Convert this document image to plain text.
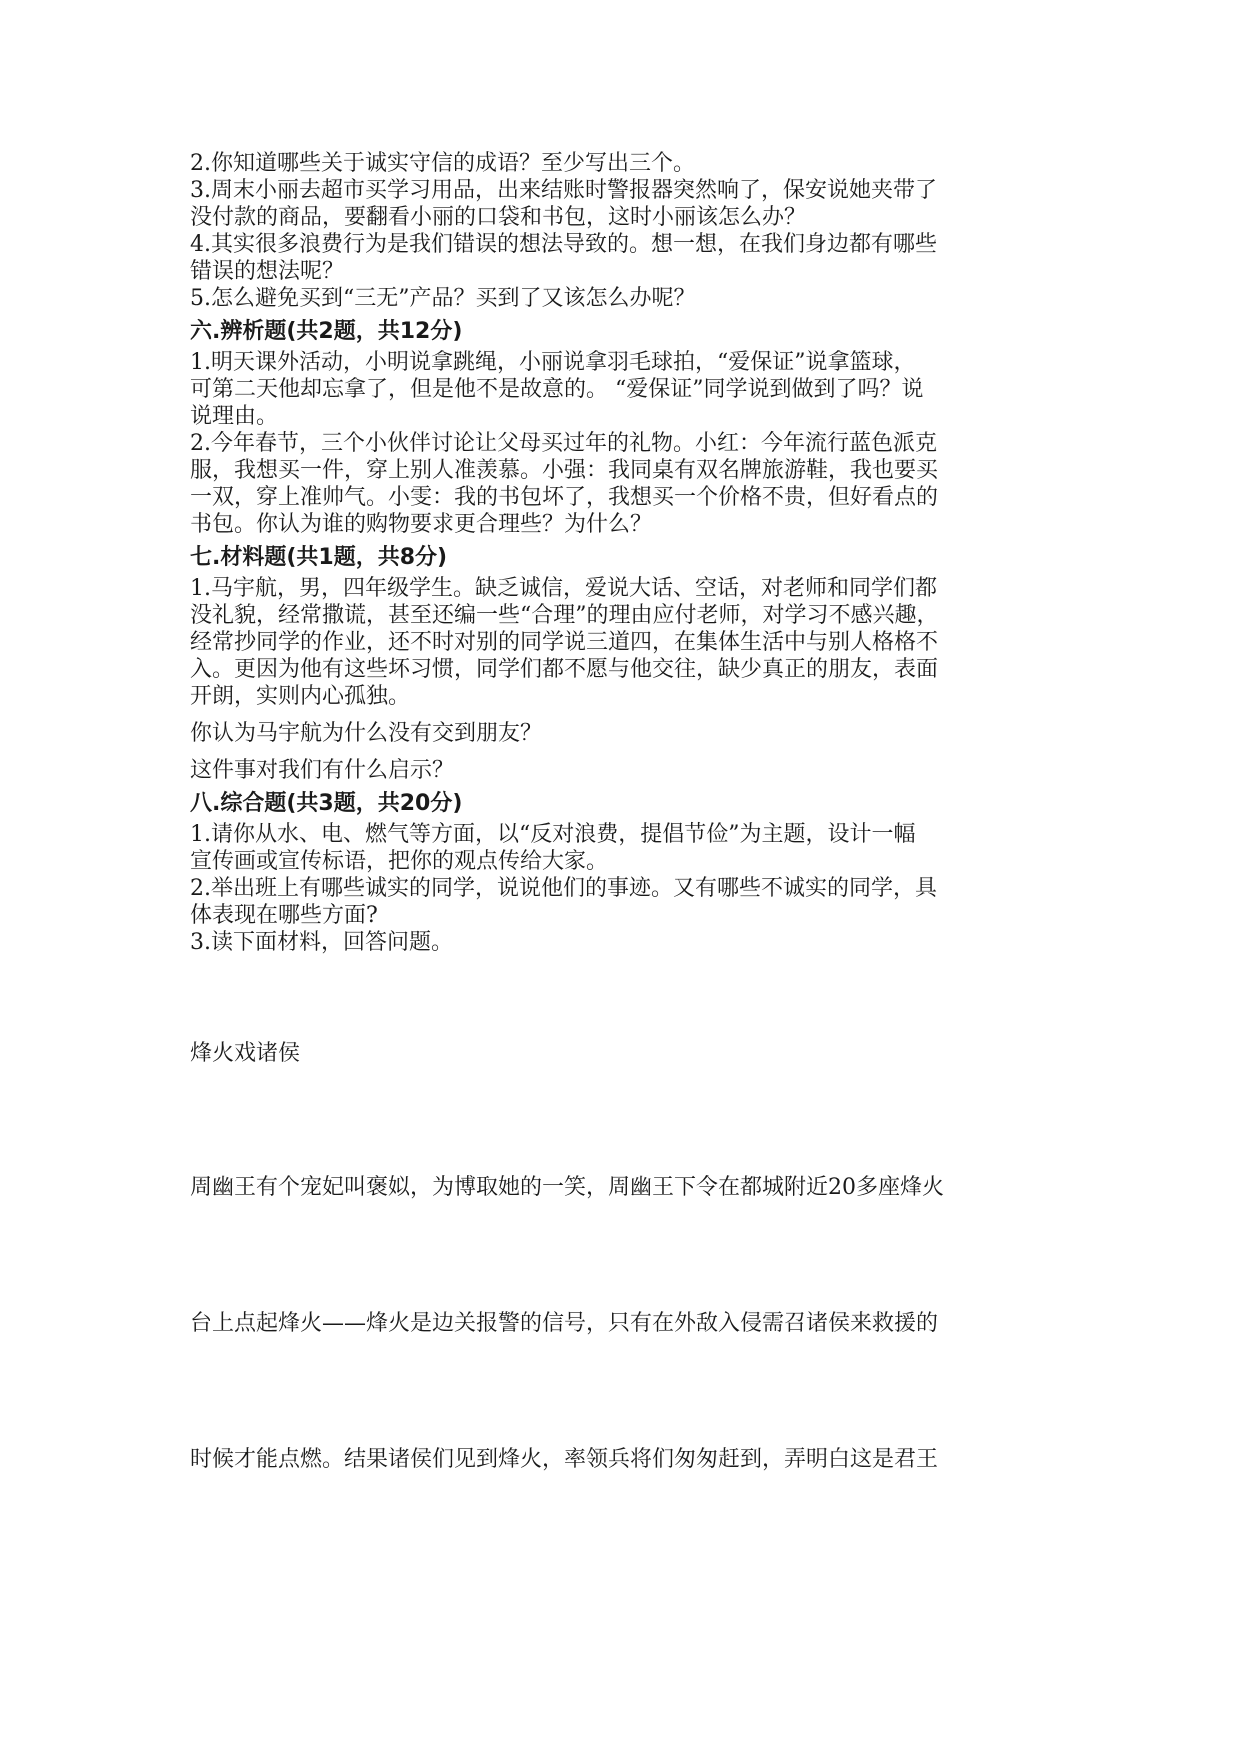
2.你知道哪些关于诚实守信的成语？至少写出三个。

3.周末小丽去超市买学习用品，出来结账时警报器突然响了，保安说她夹带了

没付款的商品，要翻看小丽的口袋和书包，这时小丽该怎么办？

4.其实很多浪费行为是我们错误的想法导致的。想一想，在我们身边都有哪些

错误的想法呢？

5.怎么避免买到“三无”产品？买到了又该怎么办呢？

六.辨析题(共2题，共12分)

1.明天课外活动，小明说拿跳绳，小丽说拿羽毛球拍，“爱保证”说拿篮球，

可第二天他却忘拿了，但是他不是故意的。 “爱保证”同学说到做到了吗？说

说理由。

2.今年春节，三个小伙伴讨论让父母买过年的礼物。小红：今年流行蓝色派克

服，我想买一件，穿上别人准羡慕。小强：我同桌有双名牌旅游鞋，我也要买

一双，穿上准帅气。小雯：我的书包坏了，我想买一个价格不贵，但好看点的

书包。你认为谁的购物要求更合理些？为什么？

七.材料题(共1题，共8分)

1.马宇航，男，四年级学生。缺乏诚信，爱说大话、空话，对老师和同学们都

没礼貌，经常撒谎，甚至还编一些“合理”的理由应付老师，对学习不感兴趣，

经常抄同学的作业，还不时对别的同学说三道四，在集体生活中与别人格格不

入。更因为他有这些坏习惯，同学们都不愿与他交往，缺少真正的朋友，表面

开朗，实则内心孤独。

你认为马宇航为什么没有交到朋友？

这件事对我们有什么启示？

八.综合题(共3题，共20分)

1.请你从水、电、燃气等方面，以“反对浪费，提倡节俭”为主题，设计一幅

宣传画或宣传标语，把你的观点传给大家。

2.举出班上有哪些诚实的同学，说说他们的事迹。又有哪些不诚实的同学，具

体表现在哪些方面?

3.读下面材料，回答问题。

烽火戏诸侯
周幽王有个宠妃叫褒姒，为博取她的一笑，周幽王下令在都城附近20多座烽火
台上点起烽火——烽火是边关报警的信号，只有在外敌入侵需召诸侯来救援的
时候才能点燃。结果诸侯们见到烽火，率领兵将们匆匆赶到，弄明白这是君王
